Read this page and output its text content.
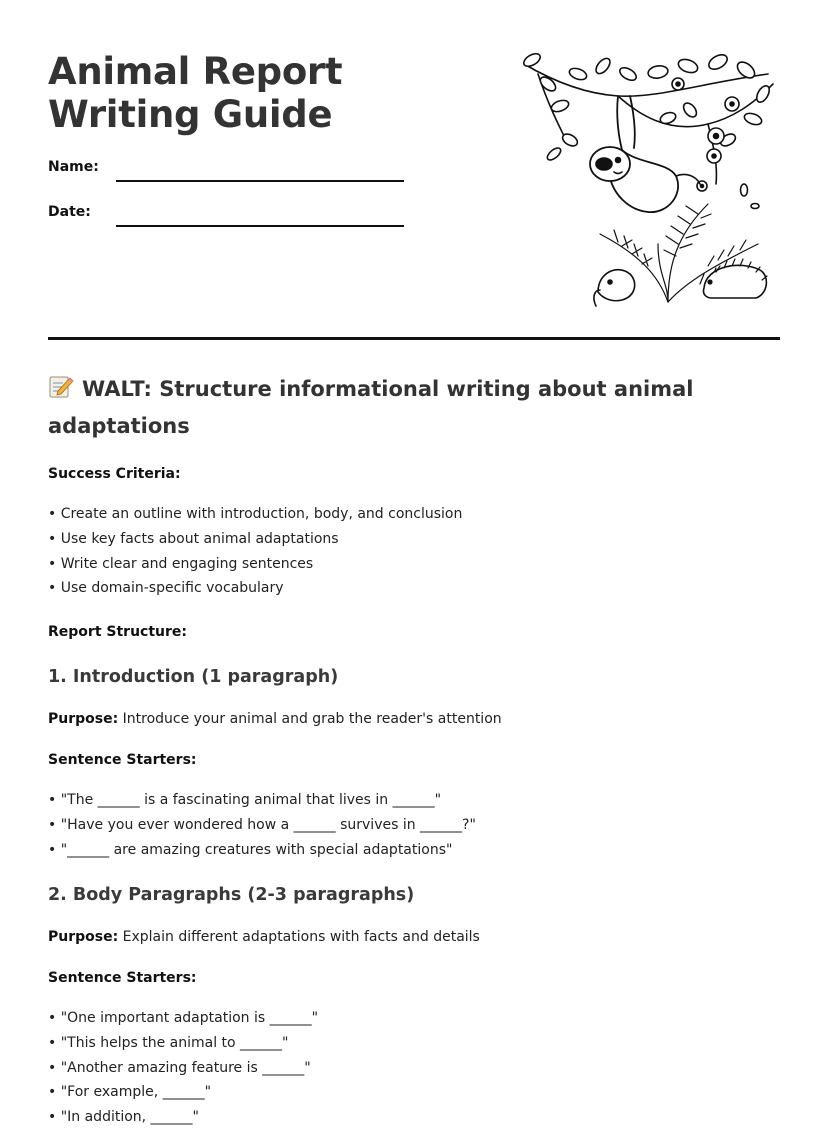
Animal Report Writing Guide
Name:
Date:
WALT: Structure informational writing about animal adaptations

Success Criteria:

• Create an outline with introduction, body, and conclusion
• Use key facts about animal adaptations
• Write clear and engaging sentences
• Use domain-specific vocabulary

Report Structure:

1. Introduction (1 paragraph)

Purpose: Introduce your animal and grab the reader's attention

Sentence Starters:

• "The ______ is a fascinating animal that lives in ______"
• "Have you ever wondered how a ______ survives in ______?"
• "______ are amazing creatures with special adaptations"
2. Body Paragraphs (2-3 paragraphs)

Purpose: Explain different adaptations with facts and details

Sentence Starters:

• "One important adaptation is ______"
• "This helps the animal to ______"
• "Another amazing feature is ______"
• "For example, ______"
• "In addition, ______"
